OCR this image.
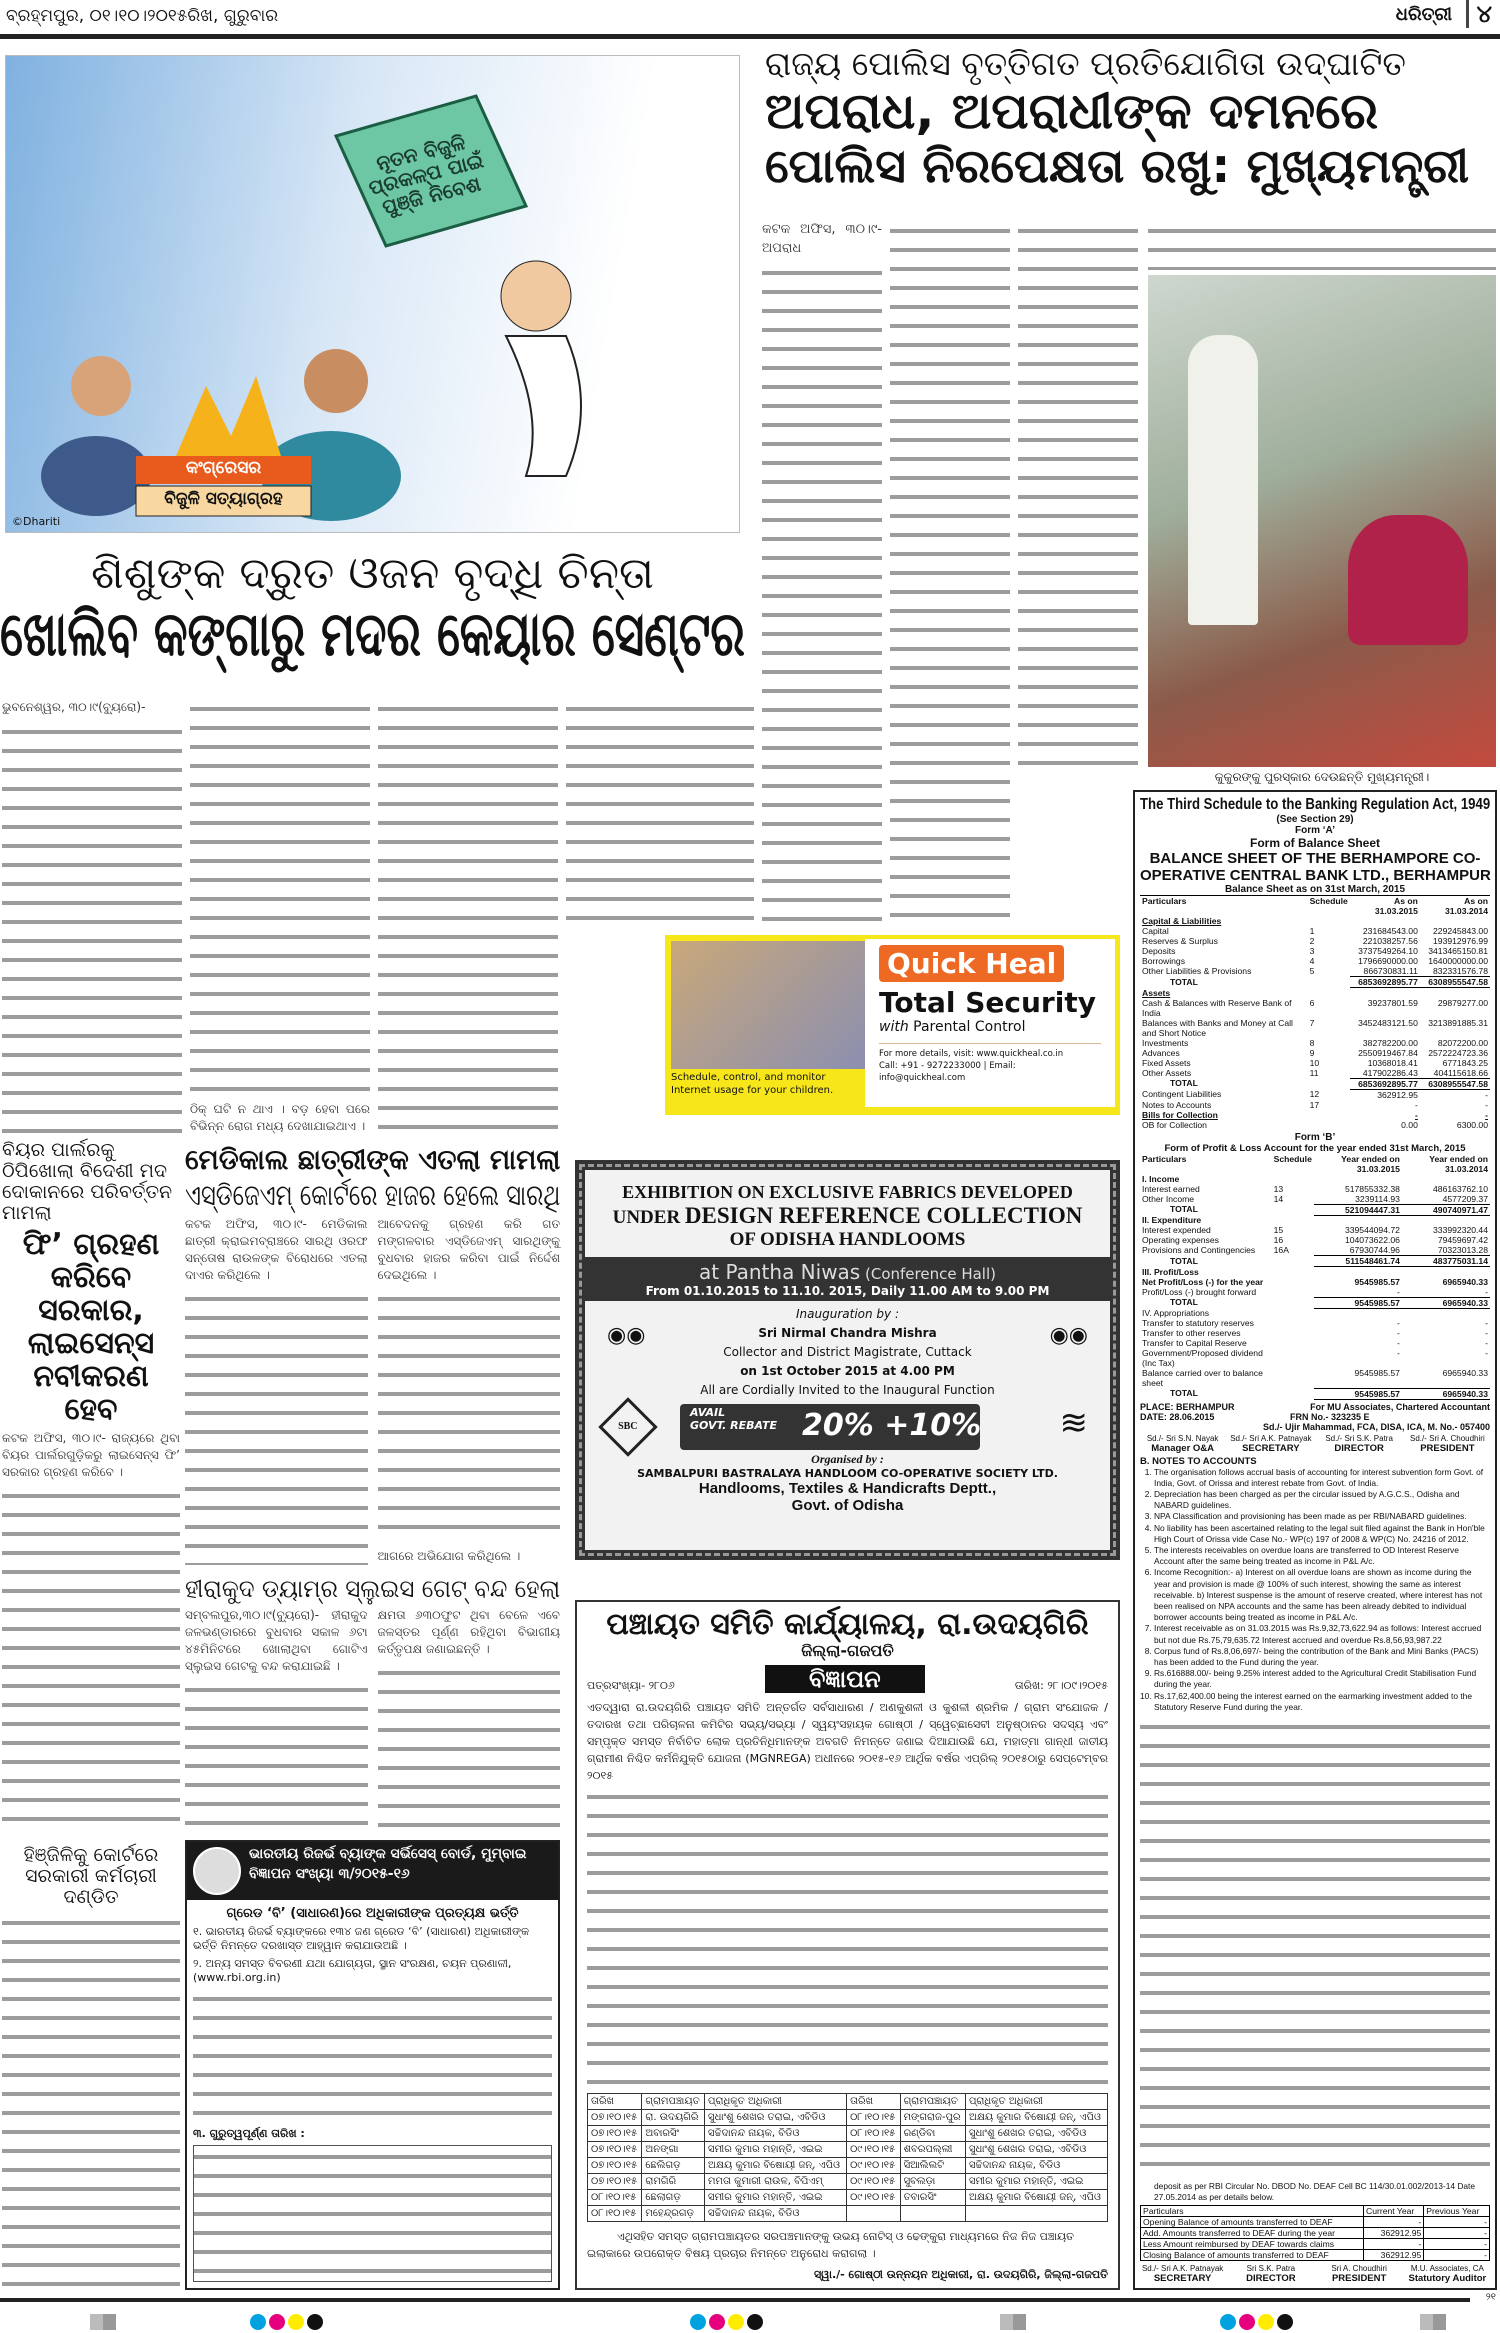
ବ୍ରହ୍ମପୁର, ୦୧।୧୦।୨୦୧୫ରିଖ, ଗୁରୁବାର	ଧରିତ୍ରୀ	୪
ନୂତନ ବିଜୁଳି ପ୍ରକଳ୍ପ ପାଇଁ ପୁଞ୍ଜି ନିବେଶ
କଂଗ୍ରେସର
ବିଜୁଳି ସତ୍ୟାଗ୍ରହ
©Dhariti
ରାଜ୍ୟ ପୋଲିସ ବୃତ୍ତିଗତ ପ୍ରତିଯୋଗିତା ଉଦ୍‌ଘାଟିତ
ଅପରାଧ, ଅପରାଧୀଙ୍କ ଦମନରେ
ପୋଲିସ ନିରପେକ୍ଷତା ରଖୁ: ମୁଖ୍ୟମନ୍ତ୍ରୀ
କଟକ ଅଫିସ, ୩୦।୯- ଅପରାଧ
କୁକୁରଙ୍କୁ ପୁରସ୍କାର ଦେଉଛନ୍ତି ମୁଖ୍ୟମନ୍ତ୍ରୀ।
ଶିଶୁଙ୍କ ଦ୍ରୁତ ଓଜନ ବୃଦ୍ଧି ଚିନ୍ତା
ଖୋଲିବ କଙ୍ଗାରୁ ମଦର କେୟାର ସେଣ୍ଟର
ଭୁବନେଶ୍ୱର, ୩୦।୯(ବ୍ୟୁରୋ)-
ଠିକ୍ ଘଟି ନ ଥାଏ । ବଡ଼ ହେବା ପରେ ବିଭିନ୍ନ ରୋଗ ମଧ୍ୟ ଦେଖାଯାଇଥାଏ ।
Schedule, control, and monitor Internet usage for your children.
Quick Heal
Total Security
with Parental Control
For more details, visit: www.quickheal.co.in
Call: +91 - 9272233000 | Email: info@quickheal.com
ବିୟର ପାର୍ଲରକୁ ଠିପିଖୋଲା ବିଦେଶୀ ମଦ ଦୋକାନରେ ପରିବର୍ତ୍ତନ ମାମଲା
ଫି’ ଗ୍ରହଣ କରିବେ ସରକାର, ଲାଇସେନ୍ସ ନବୀକରଣ ହେବ
କଟକ ଅଫିସ, ୩୦।୯- ରାଜ୍ୟରେ ଥିବା ବିୟର ପାର୍ଲରଗୁଡ଼ିକରୁ ଲାଇସେନ୍ସ ଫି’ ସରକାର ଗ୍ରହଣ କରିବେ ।
ମେଡିକାଲ ଛାତ୍ରୀଙ୍କ ଏତଲା ମାମଲା
ଏସ୍‌ଡିଜେଏମ୍ କୋର୍ଟରେ ହାଜର ହେଲେ ସାରଥି
କଟକ ଅଫିସ, ୩୦।୯- ମେଡିକାଲ ଛାତ୍ରୀ କ୍ରାଇମବ୍ରାଞ୍ଚରେ ସାରଥି ଓରଫ ସନ୍ତୋଷ ରାଉଳଙ୍କ ବିରୋଧରେ ଏତଲା ଦାଏର କରିଥିଲେ ।
ଆବେଦନକୁ ଗ୍ରହଣ କରି ଗତ ମଙ୍ଗଳବାର ଏସ୍‌ଡିଜେଏମ୍ ସାରଥିଙ୍କୁ ବୁଧବାର ହାଜର କରିବା ପାଇଁ ନିର୍ଦ୍ଦେଶ ଦେଇଥିଲେ ।
ଆଗରେ ଅଭିଯୋଗ କରିଥିଲେ ।
ହୀରାକୁଦ ଡ୍ୟାମ୍‌ର ସ୍ଲୁଇସ ଗେଟ୍ ବନ୍ଦ ହେଲା
ସମ୍ବଲପୁର,୩୦।୯(ବ୍ୟୁରୋ)- ହୀରାକୁଦ ଜଳଭଣ୍ଡାରରେ ବୁଧବାର ସକାଳ ୬ଟା ୪୫ମିନିଟରେ ଖୋଲାଥିବା ଗୋଟିଏ ସ୍ଲୁଇସ ଗେଟକୁ ବନ୍ଦ କରାଯାଇଛି ।
କ୍ଷମତା ୬୩୦ଫୁଟ ଥିବା ବେଳେ ଏବେ ଜଳସ୍ତର ପୂର୍ଣ୍ଣ ରହିଥିବା ବିଭାଗୀୟ କର୍ତ୍ତୃପକ୍ଷ ଜଣାଇଛନ୍ତି ।
ହିଞ୍ଜିଳିକୁ କୋର୍ଟରେ ସରକାରୀ କର୍ମଚାରୀ ଦଣ୍ଡିତ
ଭାରତୀୟ ରିଜର୍ଭ ବ୍ୟାଙ୍କ ସର୍ଭିସେସ୍ ବୋର୍ଡ, ମୁମ୍ବାଇ
ବିଜ୍ଞାପନ ସଂଖ୍ୟା ୩/୨୦୧୫-୧୬
ଗ୍ରେଡ ‘ବି’ (ସାଧାରଣ)ରେ ଅଧିକାରୀଙ୍କ ପ୍ରତ୍ୟକ୍ଷ ଭର୍ତ୍ତି
୧. ଭାରତୀୟ ରିଜର୍ଭ ବ୍ୟାଙ୍କରେ ୧୩୪ ଜଣ ଗ୍ରେଡ ‘ବି’ (ସାଧାରଣ) ଅଧିକାରୀଙ୍କ ଭର୍ତ୍ତି ନିମନ୍ତେ ଦରଖାସ୍ତ ଆହ୍ୱାନ କରାଯାଉଅଛି ।
୨. ଅନ୍ୟ ସମସ୍ତ ବିବରଣୀ ଯଥା ଯୋଗ୍ୟତା, ସ୍ଥାନ ସଂରକ୍ଷଣ, ଚୟନ ପ୍ରଣାଳୀ, (www.rbi.org.in)
୩. ଗୁରୁତ୍ୱପୂର୍ଣ୍ଣ ତାରିଖ :
EXHIBITION ON EXCLUSIVE FABRICS DEVELOPED
UNDER DESIGN REFERENCE COLLECTION
OF ODISHA HANDLOOMS
at Pantha Niwas (Conference Hall)
From 01.10.2015 to 11.10. 2015, Daily 11.00 AM to 9.00 PM
◉◉	◉◉
Inauguration by :
Sri Nirmal Chandra Mishra
Collector and District Magistrate, Cuttack
on 1st October 2015 at 4.00 PM
All are Cordially Invited to the Inaugural Function
SBC
AVAIL
GOVT. REBATE 20% +10% ≋
Organised by :
SAMBALPURI BASTRALAYA HANDLOOM CO-OPERATIVE SOCIETY LTD.
Handlooms, Textiles & Handicrafts Deptt.,
Govt. of Odisha
ପଞ୍ଚାୟତ ସମିତି କାର୍ଯ୍ୟାଳୟ, ରା.ଉଦୟଗିରି
ଜିଲ୍ଲା-ଗଜପତି
ପତ୍ରସଂଖ୍ୟା- ୨୮୦୬	ବିଜ୍ଞାପନ	ତାରିଖ: ୨୮।୦୯।୨୦୧୫
ଏତଦ୍ୱାରା ରା.ଉଦୟଗିରି ପଞ୍ଚାୟତ ସମିତି ଅନ୍ତର୍ଗତ ସର୍ବସାଧାରଣ / ଅଣକୁଶଳୀ ଓ କୁଶଳୀ ଶ୍ରମିକ / ଗ୍ରାମ ସଂଯୋଜକ / ତଦାରଖ ତଥା ପରିଚାଳନା କମିଟିର ସଭ୍ୟ/ସଭ୍ୟା / ସ୍ୱୟଂସହାୟକ ଗୋଷ୍ଠୀ / ସ୍ୱେଚ୍ଛାସେବୀ ଅନୁଷ୍ଠାନର ସଦସ୍ୟ ଏବଂ ସମ୍ପୃକ୍ତ ସମସ୍ତ ନିର୍ବାଚିତ ଲୋକ ପ୍ରତିନିଧିମାନଙ୍କ ଅବଗତି ନିମନ୍ତେ ଜଣାଇ ଦିଆଯାଉଛି ଯେ, ମହାତ୍ମା ଗାନ୍ଧୀ ଜାତୀୟ ଗ୍ରାମୀଣ ନିଶ୍ଚିତ କର୍ମନିଯୁକ୍ତି ଯୋଜନା (MGNREGA) ଅଧୀନରେ ୨୦୧୫-୧୬ ଆର୍ଥିକ ବର୍ଷର ଏପ୍ରିଲ୍ ୨୦୧୫ଠାରୁ ସେପ୍ଟେମ୍ବର ୨୦୧୫
ତାରିଖ	ଗ୍ରାମପଞ୍ଚାୟତ	ପ୍ରାଧିକୃତ ଅଧିକାରୀ	ତାରିଖ	ଗ୍ରାମପଞ୍ଚାୟତ	ପ୍ରାଧିକୃତ ଅଧିକାରୀ
୦୭।୧୦।୧୫	ରା. ଉଦୟଗିରି	ସୁଧାଂଶୁ ଶେଖର ତରାଇ, ଏବିଡିଓ	୦୮।୧୦।୧୫	ମଙ୍ଗରାଜ-ପୁର	ଅକ୍ଷୟ କୁମାର ବିଷୋୟୀ ଜନ୍, ଏପିଓ
୦୭।୧୦।୧୫	ଅବାରସିଂ	ସଚ୍ଚିଦାନନ୍ଦ ନାୟକ, ବିଡିଓ	୦୮।୧୦।୧୫	ରଣ୍ଡିବା	ସୁଧାଂଶୁ ଶେଖର ତରାଇ, ଏବିଡିଓ
୦୭।୧୦।୧୫	ଅନଙ୍ଗା	ସମୀର କୁମାର ମହାନ୍ତି, ଏଇଇ	୦୯।୧୦।୧୫	ଶବରପଲ୍ଲୀ	ସୁଧାଂଶୁ ଶେଖର ତରାଇ, ଏବିଡିଓ
୦୭।୧୦।୧୫	ଛେଲିଗଡ଼	ଅକ୍ଷୟ କୁମାର ବିଷୋୟୀ ଜନ୍, ଏପିଓ	୦୯।୧୦।୧୫	ସିଆଲିଲଟି	ସଚ୍ଚିଦାନନ୍ଦ ନାୟକ, ବିଡିଓ
୦୭।୧୦।୧୫	ରାମଗିରି	ମମତା କୁମାରୀ ରାଉଳ, ବିପିଏମ୍	୦୯।୧୦।୧୫	ସୁବଲଡ଼ା	ସମୀର କୁମାର ମହାନ୍ତି, ଏଇଇ
୦୮।୧୦।୧୫	ଛେଲାଗଡ଼	ସମୀର କୁମାର ମହାନ୍ତି, ଏଇଇ	୦୯।୧୦।୧୫	ତବାରସିଂ	ଅକ୍ଷୟ କୁମାର ବିଷୋୟୀ ଜନ୍, ଏପିଓ
୦୮।୧୦।୧୫	ମହେନ୍ଦ୍ରଗଡ଼	ସଚ୍ଚିଦାନନ୍ଦ ନାୟକ, ବିଡିଓ			
ଏଥିସହିତ ସମସ୍ତ ଗ୍ରାମପଞ୍ଚାୟତର ସରପଞ୍ଚମାନଙ୍କୁ ଉଭୟ ନୋଟିସ୍ ଓ ଢେଙ୍କୁରା ମାଧ୍ୟମରେ ନିଜ ନିଜ ପଞ୍ଚାୟତ ଇଲାକାରେ ଉପରୋକ୍ତ ବିଷୟ ପ୍ରଚାର ନିମନ୍ତେ ଅନୁରୋଧ କରାଗଲା ।
ସ୍ୱା./- ଗୋଷ୍ଠୀ ଉନ୍ନୟନ ଅଧିକାରୀ, ରା. ଉଦୟଗିରି, ଜିଲ୍ଲା-ଗଜପତି
The Third Schedule to the Banking Regulation Act, 1949
(See Section 29)
Form ‘A’
Form of Balance Sheet
BALANCE SHEET OF THE BERHAMPORE CO-
OPERATIVE CENTRAL BANK LTD., BERHAMPUR
Balance Sheet as on 31st March, 2015
Particulars	Schedule	As on 31.03.2015	As on 31.03.2014
Capital & Liabilities			
Capital	1	231684543.00	229245843.00
Reserves & Surplus	2	221038257.56	193912976.99
Deposits	3	3737549264.10	3413465150.81
Borrowings	4	1796690000.00	1640000000.00
Other Liabilities & Provisions	5	866730831.11	832331576.78
TOTAL		6853692895.77	6308955547.58
Assets			
Cash & Balances with Reserve Bank of India	6	39237801.59	29879277.00
Balances with Banks and Money at Call and Short Notice	7	3452483121.50	3213891885.31
Investments	8	382782200.00	82072200.00
Advances	9	2550919467.84	2572224723.36
Fixed Assets	10	10368018.41	6771843.25
Other Assets	11	417902286.43	404115618.66
TOTAL		6853692895.77	6308955547.58
Contingent Liabilities	12	362912.95	-
Notes to Accounts	17	-	-
Bills for Collection		-	-
OB for Collection		0.00	6300.00
Form ‘B’
Form of Profit & Loss Account for the year ended 31st March, 2015
Particulars	Schedule	Year ended on 31.03.2015	Year ended on 31.03.2014
I. Income			
Interest earned	13	517855332.38	486163762.10
Other Income	14	3239114.93	4577209.37
TOTAL		521094447.31	490740971.47
II. Expenditure			
Interest expended	15	339544094.72	333992320.44
Operating expenses	16	104073622.06	79459697.42
Provisions and Contingencies	16A	67930744.96	70323013.28
TOTAL		511548461.74	483775031.14
III. Profit/Loss			
Net Profit/Loss (-) for the year		9545985.57	6965940.33
Profit/Loss (-) brought forward		-	-
TOTAL		9545985.57	6965940.33
IV. Appropriations			
Transfer to statutory reserves		-	-
Transfer to other reserves		-	-
Transfer to Capital Reserve		-	-
Government/Proposed dividend (Inc Tax)		-	-
Balance carried over to balance sheet		9545985.57	6965940.33
TOTAL		9545985.57	6965940.33
PLACE: BERHAMPUR	For MU Associates, Chartered Accountant
DATE: 28.06.2015	FRN No.- 323235 E
Sd./- Ujir Mahammad, FCA, DISA, ICA, M. No.- 057400
Sd./- Sri S.N. Nayak
Manager O&A
Sd./- Sri A.K. Patnayak
SECRETARY
Sd./- Sri S.K. Patra
DIRECTOR
Sd./- Sri A. Choudhiri
PRESIDENT
B. NOTES TO ACCOUNTS
1. The organisation follows accrual basis of accounting for interest subvention form Govt. of India, Govt. of Orissa and interest rebate from Govt. of India.
2. Depreciation has been charged as per the circular issued by A.G.C.S., Odisha and NABARD guidelines.
3. NPA Classification and provisioning has been made as per RBI/NABARD guidelines.
4. No liability has been ascertained relating to the legal suit filed against the Bank in Hon'ble High Court of Orissa vide Case No.- WP(c) 197 of 2008 & WP(C) No. 24216 of 2012.
5. The interests receivables on overdue loans are transferred to OD Interest Reserve Account after the same being treated as income in P&L A/c.
6. Income Recognition:- a) Interest on all overdue loans are shown as income during the year and provision is made @ 100% of such interest, showing the same as interest receivable. b) Interest suspense is the amount of reserve created, where interest has not been realised on NPA accounts and the same has been already debited to individual borrower accounts being treated as income in P&L A/c.
7. Interest receivable as on 31.03.2015 was Rs.9,32,73,622.94 as follows: Interest accrued but not due Rs.75,79,635.72 Interest accrued and overdue Rs.8,56,93,987.22
8. Corpus fund of Rs.8,06,697/- being the contribution of the Bank and Mini Banks (PACS) has been added to the Fund during the year.
9. Rs.616888.00/- being 9.25% interest added to the Agricultural Credit Stabilisation Fund during the year.
10. Rs.17,62,400.00 being the interest earned on the earmarking investment added to the Statutory Reserve Fund during the year.
deposit as per RBI Circular No. DBOD No. DEAF Cell BC 114/30.01.002/2013-14 Date 27.05.2014 as per details below.
Particulars	Current Year	Previous Year
Opening Balance of amounts transferred to DEAF	-	-
Add. Amounts transferred to DEAF during the year	362912.95	-
Less Amount reimbursed by DEAF towards claims	-	-
Closing Balance of amounts transferred to DEAF	362912.95	-
Sd./- Sri A.K. Patnayak
SECRETARY
Sri S.K. Patra
DIRECTOR
Sri A. Choudhiri
PRESIDENT
M.U. Associates, CA
Statutory Auditor
୨୧
